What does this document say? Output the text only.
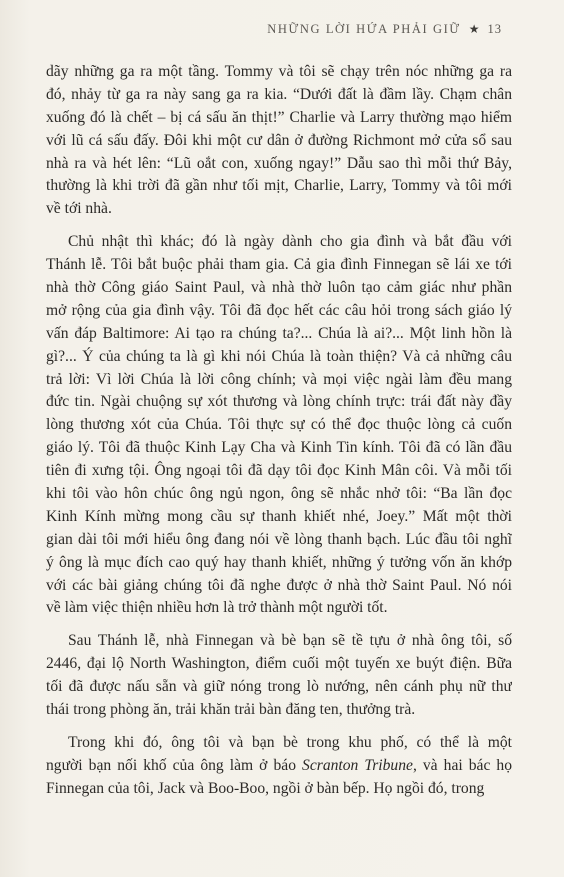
NHỮNG LỜI HỨA PHẢI GIỮ ★ 13

dãy những ga ra một tầng. Tommy và tôi sẽ chạy trên nóc những ga ra
đó, nhảy từ ga ra này sang ga ra kia. “Dưới đất là đầm lầy. Chạm chân
xuống đó là chết – bị cá sấu ăn thịt!” Charlie và Larry thường mạo hiểm
với lũ cá sấu đấy. Đôi khi một cư dân ở đường Richmont mở cửa sổ sau
nhà ra và hét lên: “Lũ oắt con, xuống ngay!” Dẫu sao thì mỗi thứ Bảy,
thường là khi trời đã gần như tối mịt, Charlie, Larry, Tommy và tôi mới
về tới nhà.

Chủ nhật thì khác; đó là ngày dành cho gia đình và bắt đầu với
Thánh lễ. Tôi bắt buộc phải tham gia. Cả gia đình Finnegan sẽ lái xe tới
nhà thờ Công giáo Saint Paul, và nhà thờ luôn tạo cảm giác như phần
mở rộng của gia đình vậy. Tôi đã đọc hết các câu hỏi trong sách giáo lý
vấn đáp Baltimore: Ai tạo ra chúng ta?... Chúa là ai?... Một linh hồn là
gì?... Ý của chúng ta là gì khi nói Chúa là toàn thiện? Và cả những câu
trả lời: Vì lời Chúa là lời công chính; và mọi việc ngài làm đều mang
đức tin. Ngài chuộng sự xót thương và lòng chính trực: trái đất này đầy
lòng thương xót của Chúa. Tôi thực sự có thể đọc thuộc lòng cả cuốn
giáo lý. Tôi đã thuộc Kinh Lạy Cha và Kinh Tin kính. Tôi đã có lần đầu
tiên đi xưng tội. Ông ngoại tôi đã dạy tôi đọc Kinh Mân côi. Và mỗi tối
khi tôi vào hôn chúc ông ngủ ngon, ông sẽ nhắc nhở tôi: “Ba lần đọc
Kinh Kính mừng mong cầu sự thanh khiết nhé, Joey.” Mất một thời
gian dài tôi mới hiểu ông đang nói về lòng thanh bạch. Lúc đầu tôi nghĩ
ý ông là mục đích cao quý hay thanh khiết, những ý tưởng vốn ăn khớp
với các bài giảng chúng tôi đã nghe được ở nhà thờ Saint Paul. Nó nói
về làm việc thiện nhiều hơn là trở thành một người tốt.

Sau Thánh lễ, nhà Finnegan và bè bạn sẽ tề tựu ở nhà ông tôi, số
2446, đại lộ North Washington, điểm cuối một tuyến xe buýt điện. Bữa
tối đã được nấu sẵn và giữ nóng trong lò nướng, nên cánh phụ nữ thư
thái trong phòng ăn, trải khăn trải bàn đăng ten, thưởng trà.

Trong khi đó, ông tôi và bạn bè trong khu phố, có thể là một
người bạn nối khố của ông làm ở báo Scranton Tribune, và hai bác họ
Finnegan của tôi, Jack và Boo-Boo, ngồi ở bàn bếp. Họ ngồi đó, trong
